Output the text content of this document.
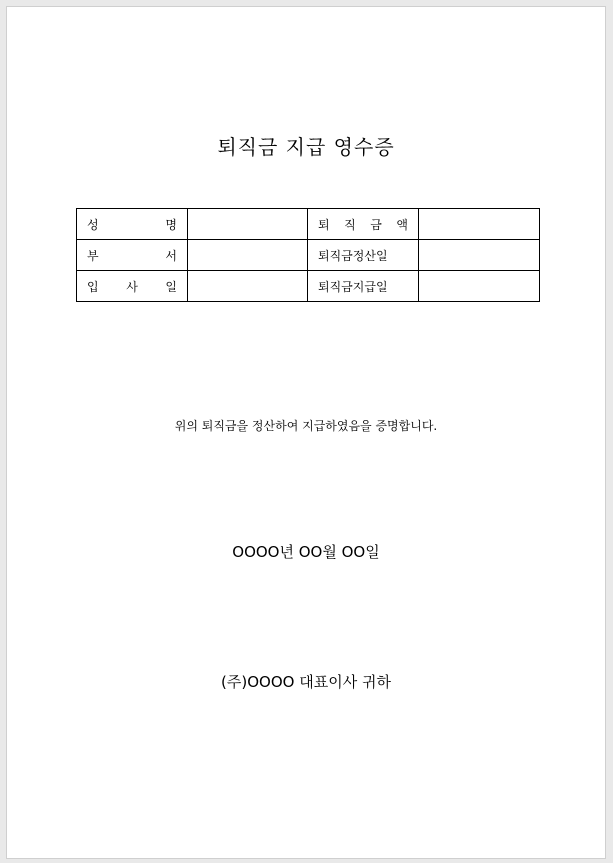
퇴직금 지급 영수증
성 명		퇴 직 금 액	

부 서		퇴직금정산일	

입 사 일		퇴직금지급일	
위의 퇴직금을 정산하여 지급하였음을 증명합니다.
OOOO년 OO월 OO일
(주)OOOO 대표이사 귀하
